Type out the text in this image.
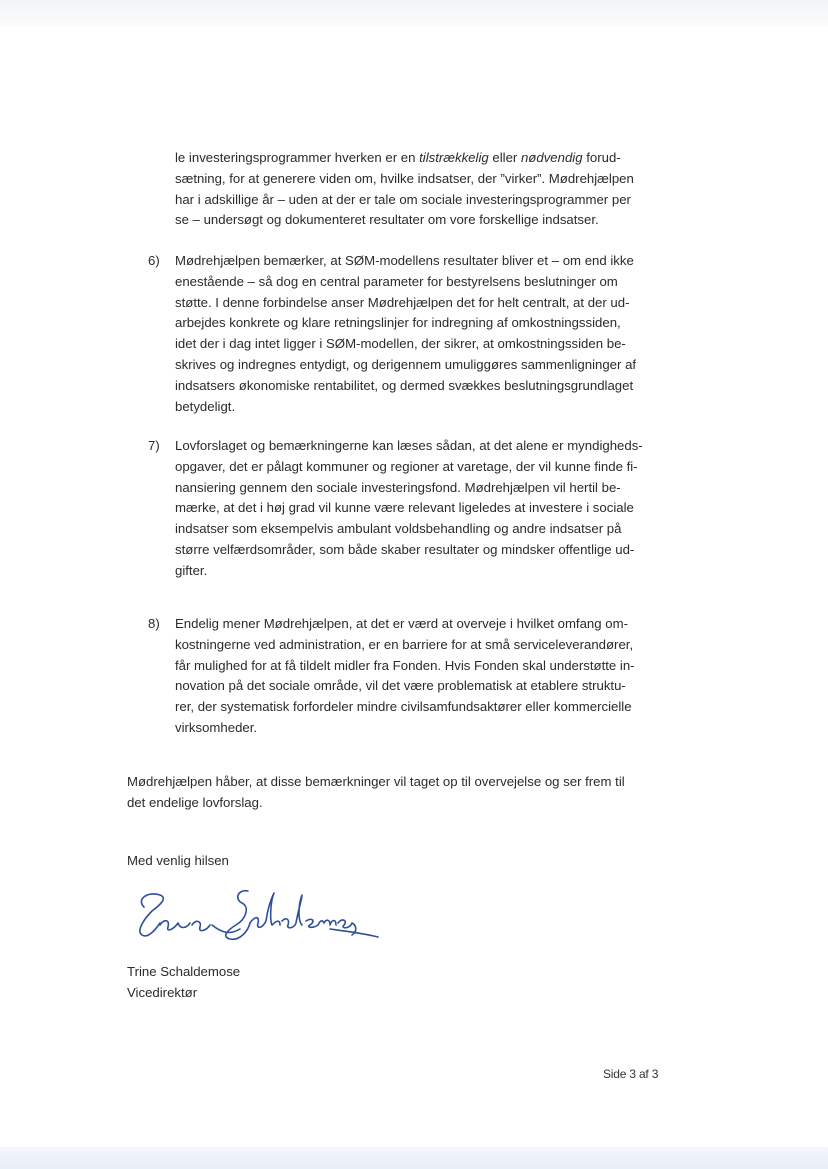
le investeringsprogrammer hverken er en tilstrækkelig eller nødvendig forud-
sætning, for at generere viden om, hvilke indsatser, der ”virker”. Mødrehjælpen
har i adskillige år – uden at der er tale om sociale investeringsprogrammer per
se – undersøgt og dokumenteret resultater om vore forskellige indsatser.
6)	Mødrehjælpen bemærker, at SØM-modellens resultater bliver et – om end ikke
enestående – så dog en central parameter for bestyrelsens beslutninger om
støtte. I denne forbindelse anser Mødrehjælpen det for helt centralt, at der ud-
arbejdes konkrete og klare retningslinjer for indregning af omkostningssiden,
idet der i dag intet ligger i SØM-modellen, der sikrer, at omkostningssiden be-
skrives og indregnes entydigt, og derigennem umuliggøres sammenligninger af
indsatsers økonomiske rentabilitet, og dermed svækkes beslutningsgrundlaget
betydeligt.
7)	Lovforslaget og bemærkningerne kan læses sådan, at det alene er myndigheds-
opgaver, det er pålagt kommuner og regioner at varetage, der vil kunne finde fi-
nansiering gennem den sociale investeringsfond. Mødrehjælpen vil hertil be-
mærke, at det i høj grad vil kunne være relevant ligeledes at investere i sociale
indsatser som eksempelvis ambulant voldsbehandling og andre indsatser på
større velfærdsområder, som både skaber resultater og mindsker offentlige ud-
gifter.
8)	Endelig mener Mødrehjælpen, at det er værd at overveje i hvilket omfang om-
kostningerne ved administration, er en barriere for at små serviceleverandører,
får mulighed for at få tildelt midler fra Fonden. Hvis Fonden skal understøtte in-
novation på det sociale område, vil det være problematisk at etablere struktu-
rer, der systematisk forfordeler mindre civilsamfundsaktører eller kommercielle
virksomheder.
Mødrehjælpen håber, at disse bemærkninger vil taget op til overvejelse og ser frem til
det endelige lovforslag.
Med venlig hilsen
Trine Schaldemose
Vicedirektør
Side 3 af 3
